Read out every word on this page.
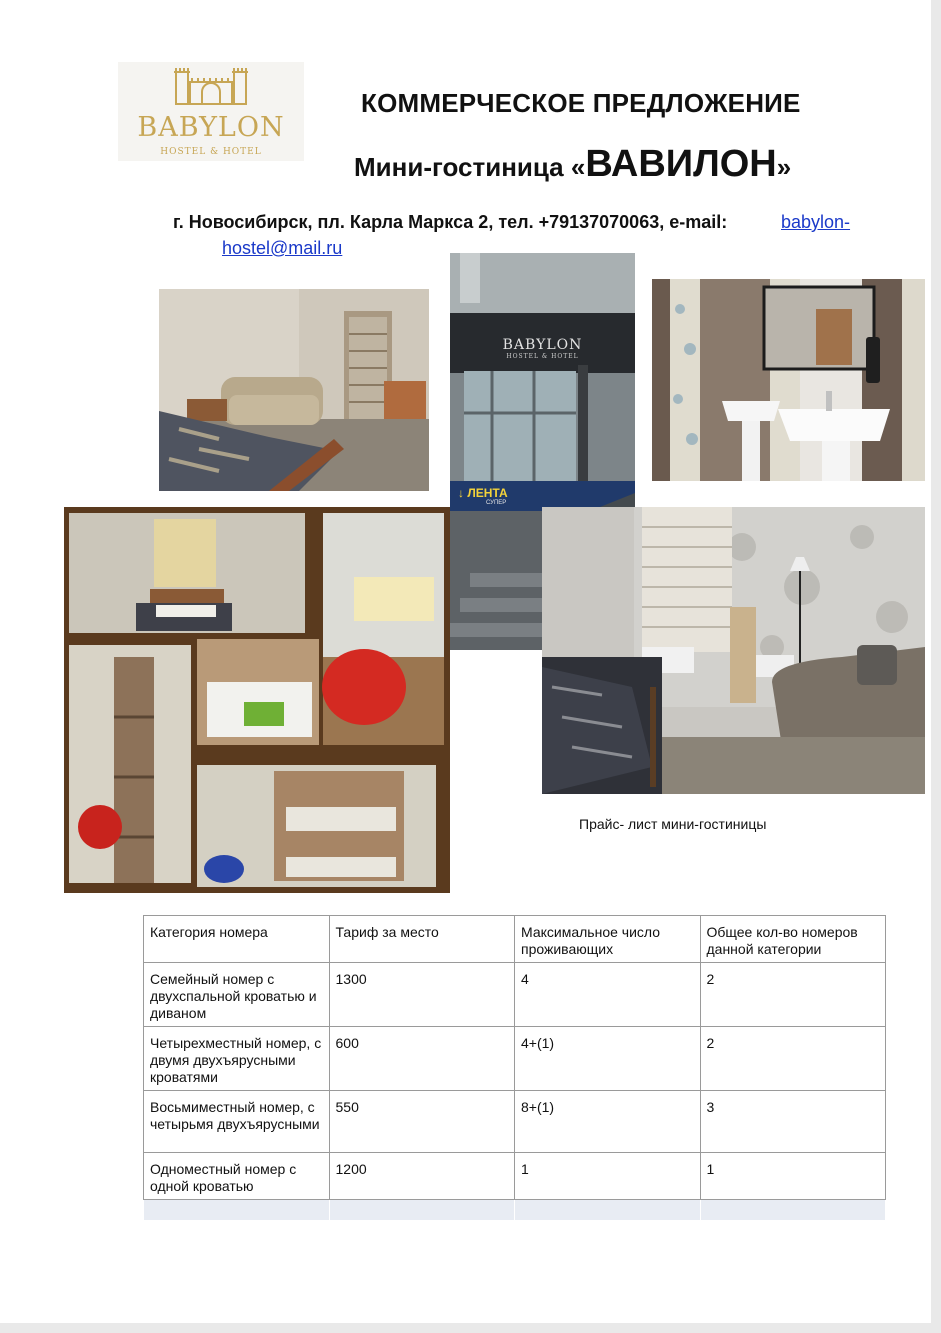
BABYLON
HOSTEL & HOTEL
КОММЕРЧЕСКОЕ ПРЕДЛОЖЕНИЕ
Мини-гостиница «ВАВИЛОН»
г. Новосибирск, пл. Карла Маркса 2, тел. +79137070063, e-mail:	babylon-
hostel@mail.ru
BABYLON
HOSTEL & HOTEL
↓ ЛЕНТА
СУПЕР
Прайс- лист мини-гостиницы
Категория номера	Тариф за место	Максимальное число проживающих	Общее кол-во номеров данной категории
Семейный номер с двухспальной кроватью и диваном	1300	4	2
Четырехместный номер, с двумя двухъярусными кроватями	600	4+(1)	2
Восьмиместный номер, с четырьмя двухъярусными	550	8+(1)	3
Одноместный номер с одной кроватью	1200	1	1
